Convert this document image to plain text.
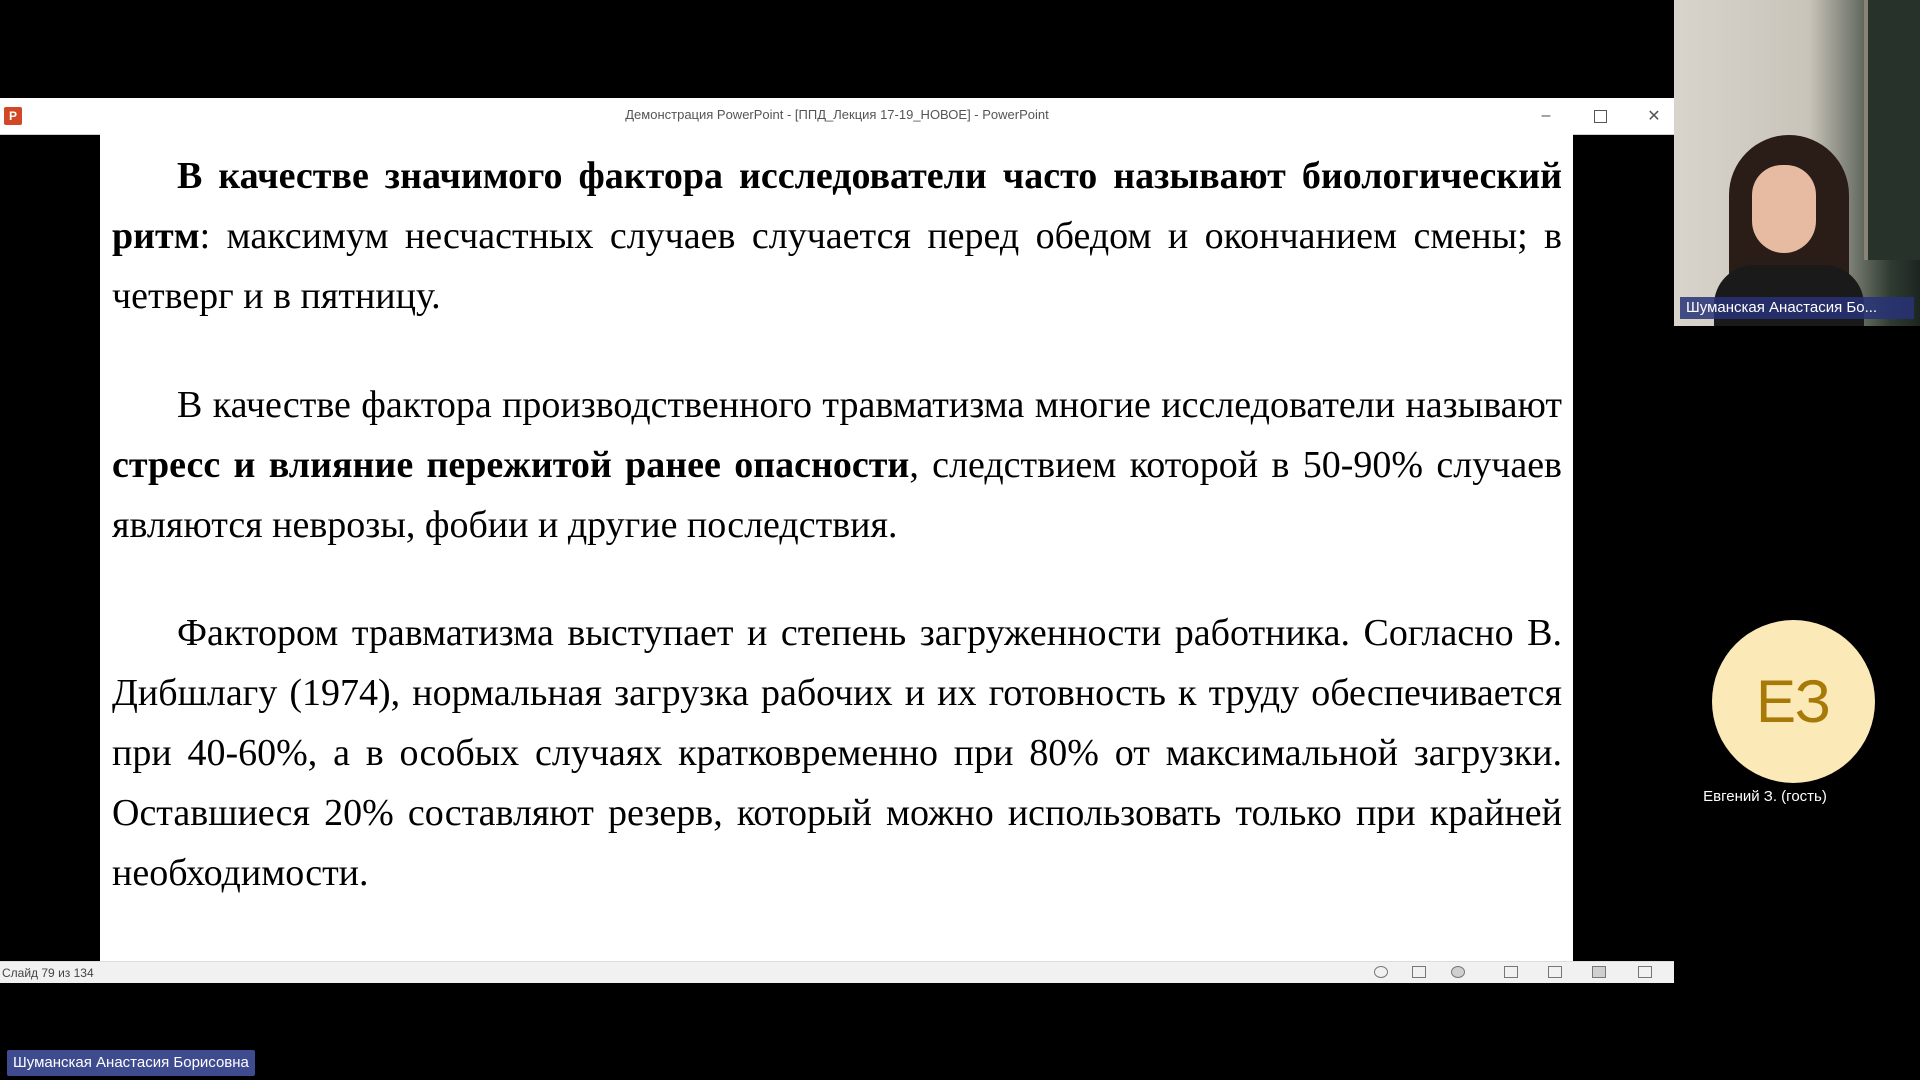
P	Демонстрация PowerPoint - [ППД_Лекция 17-19_НОВОЕ] - PowerPoint	–	✕

В качестве значимого фактора исследователи часто называют биологический ритм: максимум несчастных случаев случается перед обедом и окончанием смены; в четверг и в пятницу.

В качестве фактора производственного травматизма многие исследователи называют стресс и влияние пережитой ранее опасности, следствием которой в 50-90% случаев являются неврозы, фобии и другие последствия.

Фактором травматизма выступает и степень загруженности работника. Согласно В. Дибшлагу (1974), нормальная загрузка рабочих и их готовность к труду обеспечивается при 40-60%, а в особых случаях кратковременно при 80% от максимальной загрузки. Оставшиеся 20% составляют резерв, который можно использовать только при крайней необходимости.

Слайд 79 из 134
Шуманская Анастасия Бо...
ЕЗ
Евгений З. (гость)
Шуманская Анастасия Борисовна
